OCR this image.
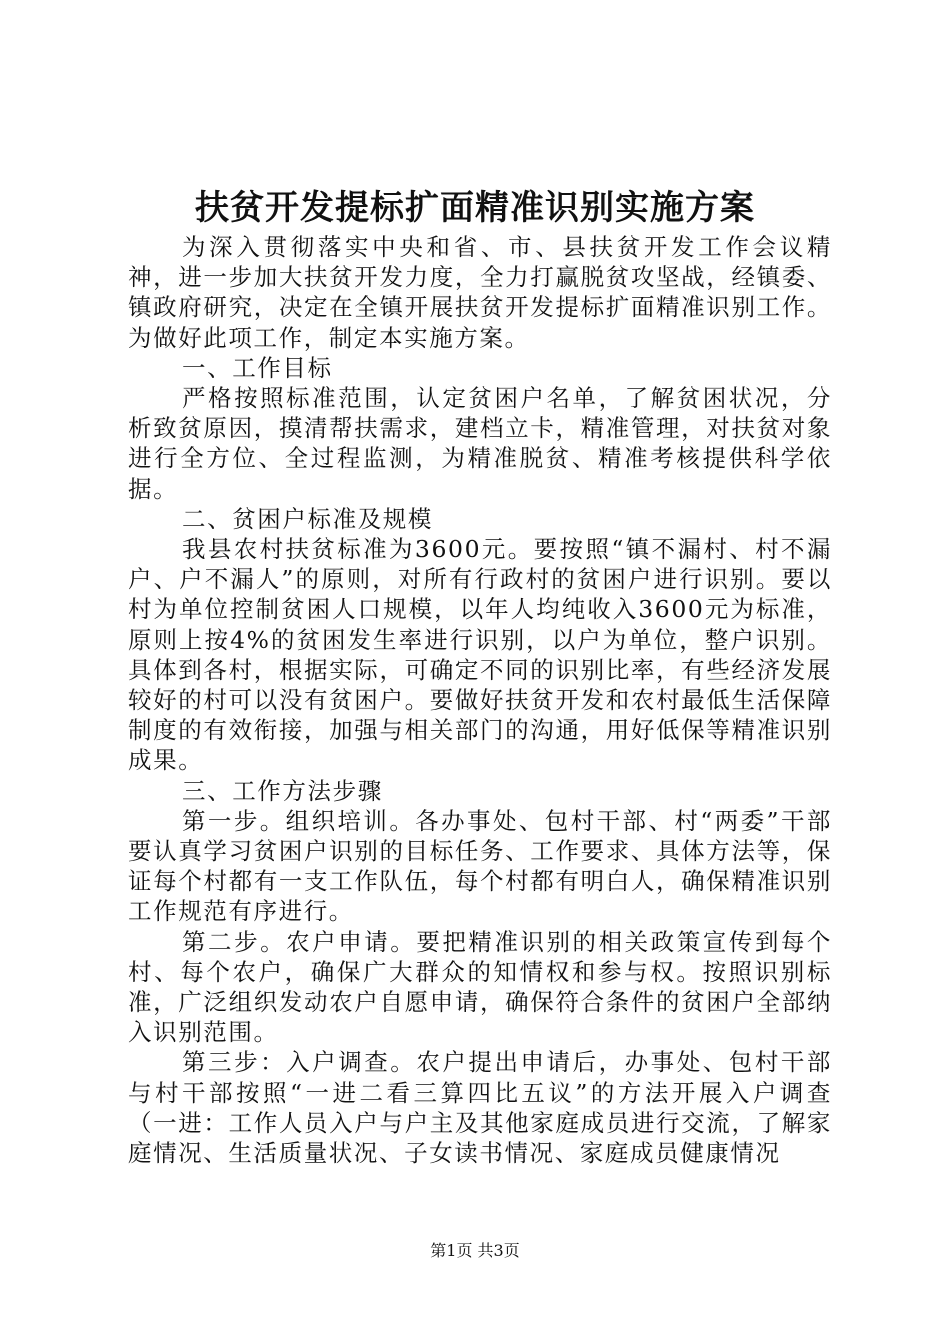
扶贫开发提标扩面精准识别实施方案

为深入贯彻落实中央和省、市、县扶贫开发工作会议精神，进一步加大扶贫开发力度，全力打赢脱贫攻坚战，经镇委、镇政府研究，决定在全镇开展扶贫开发提标扩面精准识别工作。为做好此项工作，制定本实施方案。

一、工作目标

严格按照标准范围，认定贫困户名单，了解贫困状况，分析致贫原因，摸清帮扶需求，建档立卡，精准管理，对扶贫对象进行全方位、全过程监测，为精准脱贫、精准考核提供科学依据。

二、贫困户标准及规模

我县农村扶贫标准为3600元。要按照“镇不漏村、村不漏户、户不漏人”的原则，对所有行政村的贫困户进行识别。要以村为单位控制贫困人口规模，以年人均纯收入3600元为标准，原则上按4%的贫困发生率进行识别，以户为单位，整户识别。具体到各村，根据实际，可确定不同的识别比率，有些经济发展较好的村可以没有贫困户。要做好扶贫开发和农村最低生活保障制度的有效衔接，加强与相关部门的沟通，用好低保等精准识别成果。

三、工作方法步骤

第一步。组织培训。各办事处、包村干部、村“两委”干部要认真学习贫困户识别的目标任务、工作要求、具体方法等，保证每个村都有一支工作队伍，每个村都有明白人，确保精准识别工作规范有序进行。

第二步。农户申请。要把精准识别的相关政策宣传到每个村、每个农户，确保广大群众的知情权和参与权。按照识别标准，广泛组织发动农户自愿申请，确保符合条件的贫困户全部纳入识别范围。

第三步：入户调查。农户提出申请后，办事处、包村干部与村干部按照“一进二看三算四比五议”的方法开展入户调查（一进：工作人员入户与户主及其他家庭成员进行交流，了解家庭情况、生活质量状况、子女读书情况、家庭成员健康情况

第1页 共3页
